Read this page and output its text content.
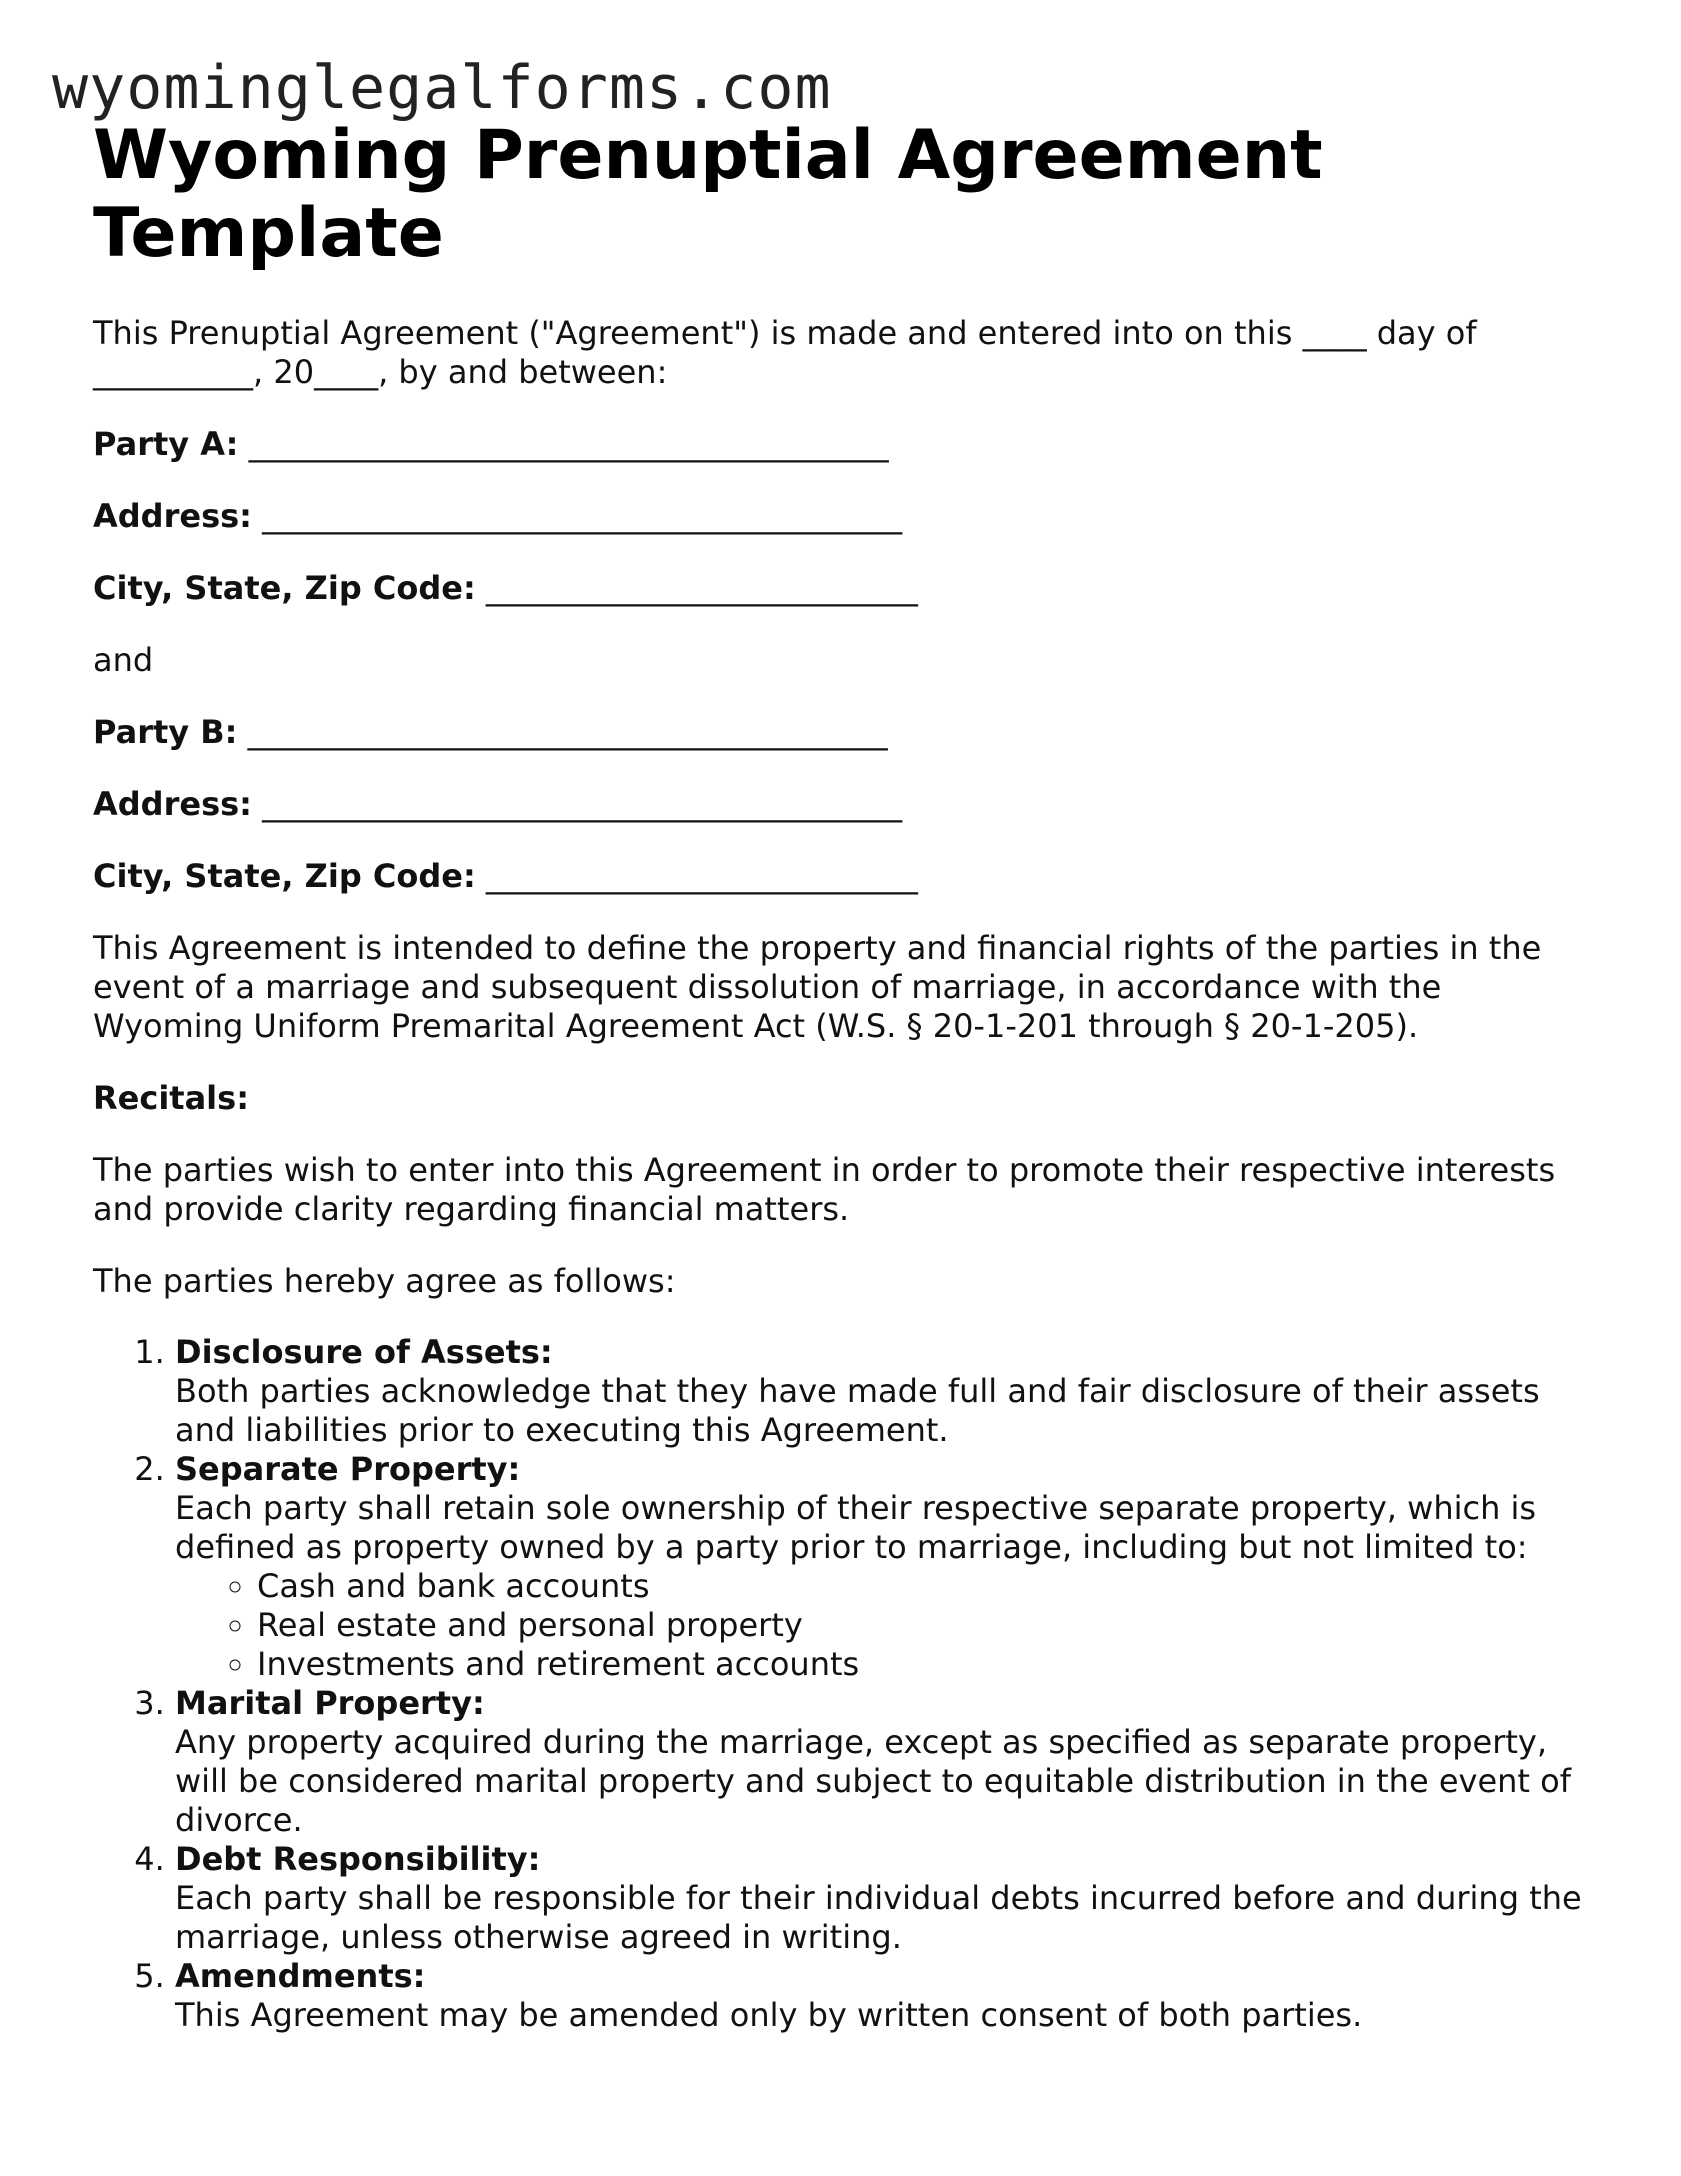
wyominglegalforms.com
Wyoming Prenuptial Agreement Template

This Prenuptial Agreement ("Agreement") is made and entered into on this ____ day of __________, 20____, by and between:

Party A: ________________________________________
Address: ________________________________________
City, State, Zip Code: ___________________________

and

Party B: ________________________________________
Address: ________________________________________
City, State, Zip Code: ___________________________

This Agreement is intended to define the property and financial rights of the parties in the event of a marriage and subsequent dissolution of marriage, in accordance with the Wyoming Uniform Premarital Agreement Act (W.S. § 20-1-201 through § 20-1-205).

Recitals:

The parties wish to enter into this Agreement in order to promote their respective interests and provide clarity regarding financial matters.

The parties hereby agree as follows:

1. Disclosure of Assets:
Both parties acknowledge that they have made full and fair disclosure of their assets and liabilities prior to executing this Agreement.
2. Separate Property:
Each party shall retain sole ownership of their respective separate property, which is defined as property owned by a party prior to marriage, including but not limited to:
◦ Cash and bank accounts
◦ Real estate and personal property
◦ Investments and retirement accounts
3. Marital Property:
Any property acquired during the marriage, except as specified as separate property, will be considered marital property and subject to equitable distribution in the event of divorce.
4. Debt Responsibility:
Each party shall be responsible for their individual debts incurred before and during the marriage, unless otherwise agreed in writing.
5. Amendments:
This Agreement may be amended only by written consent of both parties.
